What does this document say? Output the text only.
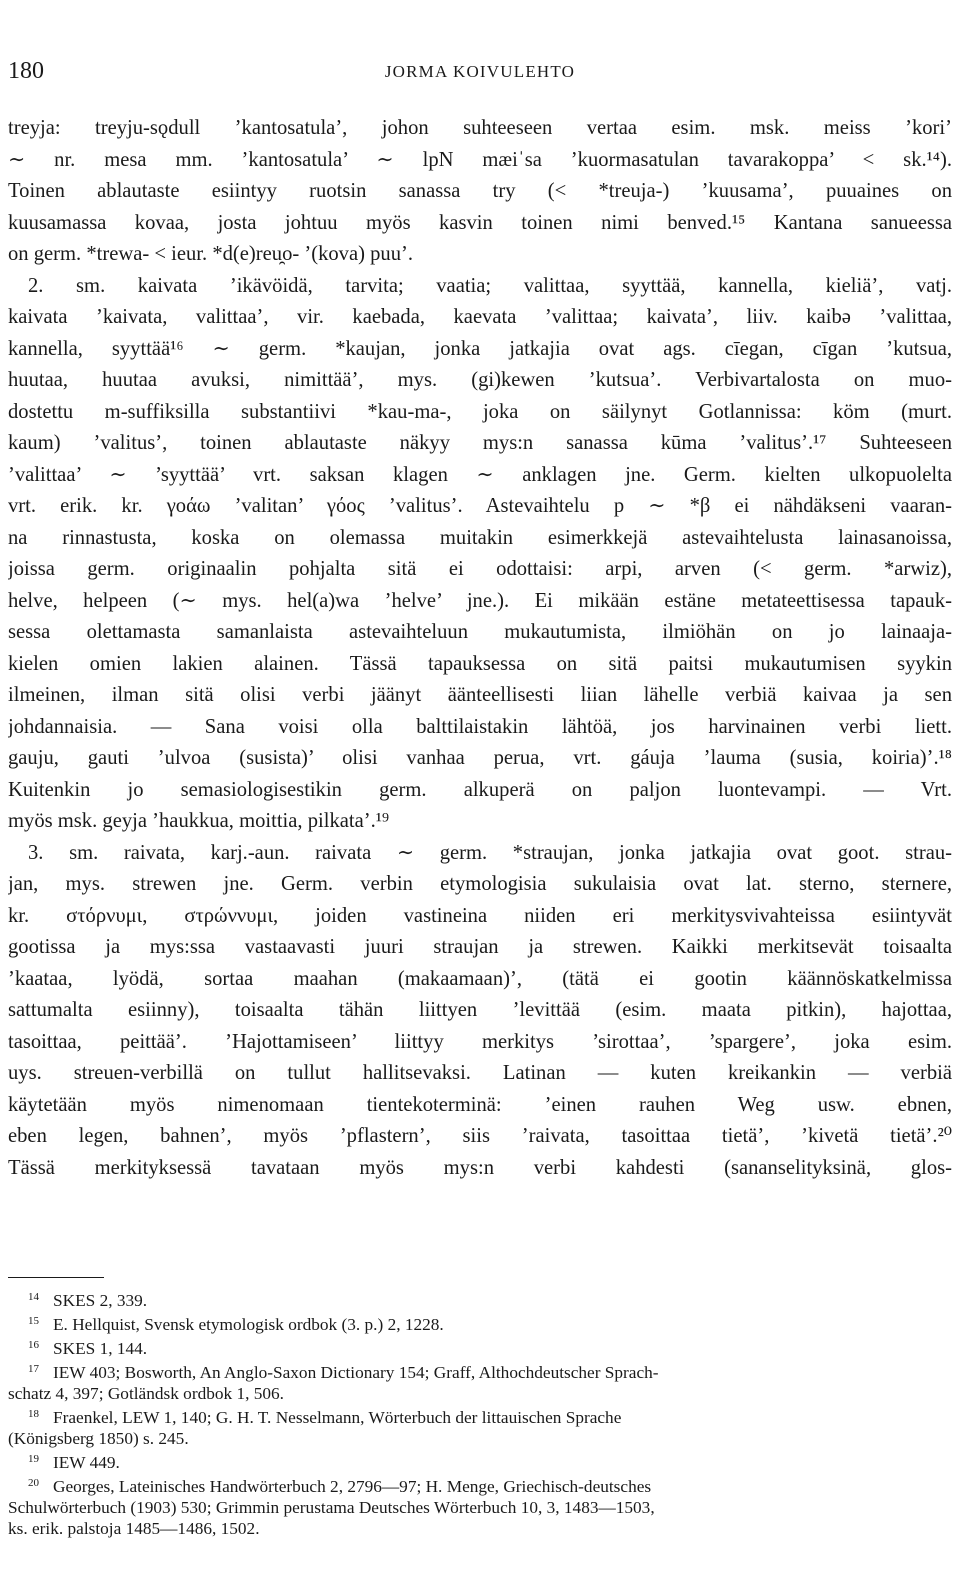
180	JORMA KOIVULEHTO
treyja: treyju-sǫdull ’kantosatula’, johon suhteeseen vertaa esim. msk. meiss ’kori’
∼ nr. mesa mm. ’kantosatula’ ∼ lpN mæiˈsa ’kuormasatulan tavarakoppa’ < sk.¹⁴).
Toinen ablautaste esiintyy ruotsin sanassa try (< *treuja-) ’kuusama’, puuaines on
kuusamassa kovaa, josta johtuu myös kasvin toinen nimi benved.¹⁵ Kantana sanueessa
on germ. *trewa- < ieur. *d(e)reu̯o- ’(kova) puu’.
2. sm. kaivata ’ikävöidä, tarvita; vaatia; valittaa, syyttää, kannella, kieliä’, vatj.
kaivata ’kaivata, valittaa’, vir. kaebada, kaevata ’valittaa; kaivata’, liiv. kaibə ’valittaa,
kannella, syyttää¹⁶ ∼ germ. *kaujan, jonka jatkajia ovat ags. cīegan, cīgan ’kutsua,
huutaa, huutaa avuksi, nimittää’, mys. (gi)kewen ’kutsua’. Verbivartalosta on muo-
dostettu m-suffiksilla substantiivi *kau-ma-, joka on säilynyt Gotlannissa: köm (murt.
kaum) ’valitus’, toinen ablautaste näkyy mys:n sanassa kūma ’valitus’.¹⁷ Suhteeseen
’valittaa’ ∼ ’syyttää’ vrt. saksan klagen ∼ anklagen jne. Germ. kielten ulkopuolelta
vrt. erik. kr. γοάω ’valitan’ γόος ’valitus’. Astevaihtelu p ∼ *β ei nähdäkseni vaaran-
na rinnastusta, koska on olemassa muitakin esimerkkejä astevaihtelusta lainasanoissa,
joissa germ. originaalin pohjalta sitä ei odottaisi: arpi, arven (< germ. *arwiz),
helve, helpeen (∼ mys. hel(a)wa ’helve’ jne.). Ei mikään estäne metateettisessa tapauk-
sessa olettamasta samanlaista astevaihteluun mukautumista, ilmiöhän on jo lainaaja-
kielen omien lakien alainen. Tässä tapauksessa on sitä paitsi mukautumisen syykin
ilmeinen, ilman sitä olisi verbi jäänyt äänteellisesti liian lähelle verbiä kaivaa ja sen
johdannaisia. — Sana voisi olla balttilaistakin lähtöä, jos harvinainen verbi liett.
gauju, gauti ’ulvoa (susista)’ olisi vanhaa perua, vrt. gáuja ’lauma (susia, koiria)’.¹⁸
Kuitenkin jo semasiologisestikin germ. alkuperä on paljon luontevampi. — Vrt.
myös msk. geyja ’haukkua, moittia, pilkata’.¹⁹
3. sm. raivata, karj.-aun. raivata ∼ germ. *straujan, jonka jatkajia ovat goot. strau-
jan, mys. strewen jne. Germ. verbin etymologisia sukulaisia ovat lat. sterno, sternere,
kr. στόρνυμι, στρώννυμι, joiden vastineina niiden eri merkitysvivahteissa esiintyvät
gootissa ja mys:ssa vastaavasti juuri straujan ja strewen. Kaikki merkitsevät toisaalta
’kaataa, lyödä, sortaa maahan (makaamaan)’, (tätä ei gootin käännöskatkelmissa
sattumalta esiinny), toisaalta tähän liittyen ’levittää (esim. maata pitkin), hajottaa,
tasoittaa, peittää’. ’Hajottamiseen’ liittyy merkitys ’sirottaa’, ’spargere’, joka esim.
uys. streuen-verbillä on tullut hallitsevaksi. Latinan — kuten kreikankin — verbiä
käytetään myös nimenomaan tientekoterminä: ’einen rauhen Weg usw. ebnen,
eben legen, bahnen’, myös ’pflastern’, siis ’raivata, tasoittaa tietä’, ’kivetä tietä’.²⁰
Tässä merkityksessä tavataan myös mys:n verbi kahdesti (sananselityksinä, glos-
$^{14}$ SKES 2, 339.
$^{15}$ E. Hellquist, Svensk etymologisk ordbok (3. p.) 2, 1228.
$^{16}$ SKES 1, 144.
$^{17}$ IEW 403; Bosworth, An Anglo-Saxon Dictionary 154; Graff, Althochdeutscher Sprach-
schatz 4, 397; Gotländsk ordbok 1, 506.
$^{18}$ Fraenkel, LEW 1, 140; G. H. T. Nesselmann, Wörterbuch der littauischen Sprache
(Königsberg 1850) s. 245.
$^{19}$ IEW 449.
$^{20}$ Georges, Lateinisches Handwörterbuch 2, 2796—97; H. Menge, Griechisch-deutsches
Schulwörterbuch (1903) 530; Grimmin perustama Deutsches Wörterbuch 10, 3, 1483—1503,
ks. erik. palstoja 1485—1486, 1502.
